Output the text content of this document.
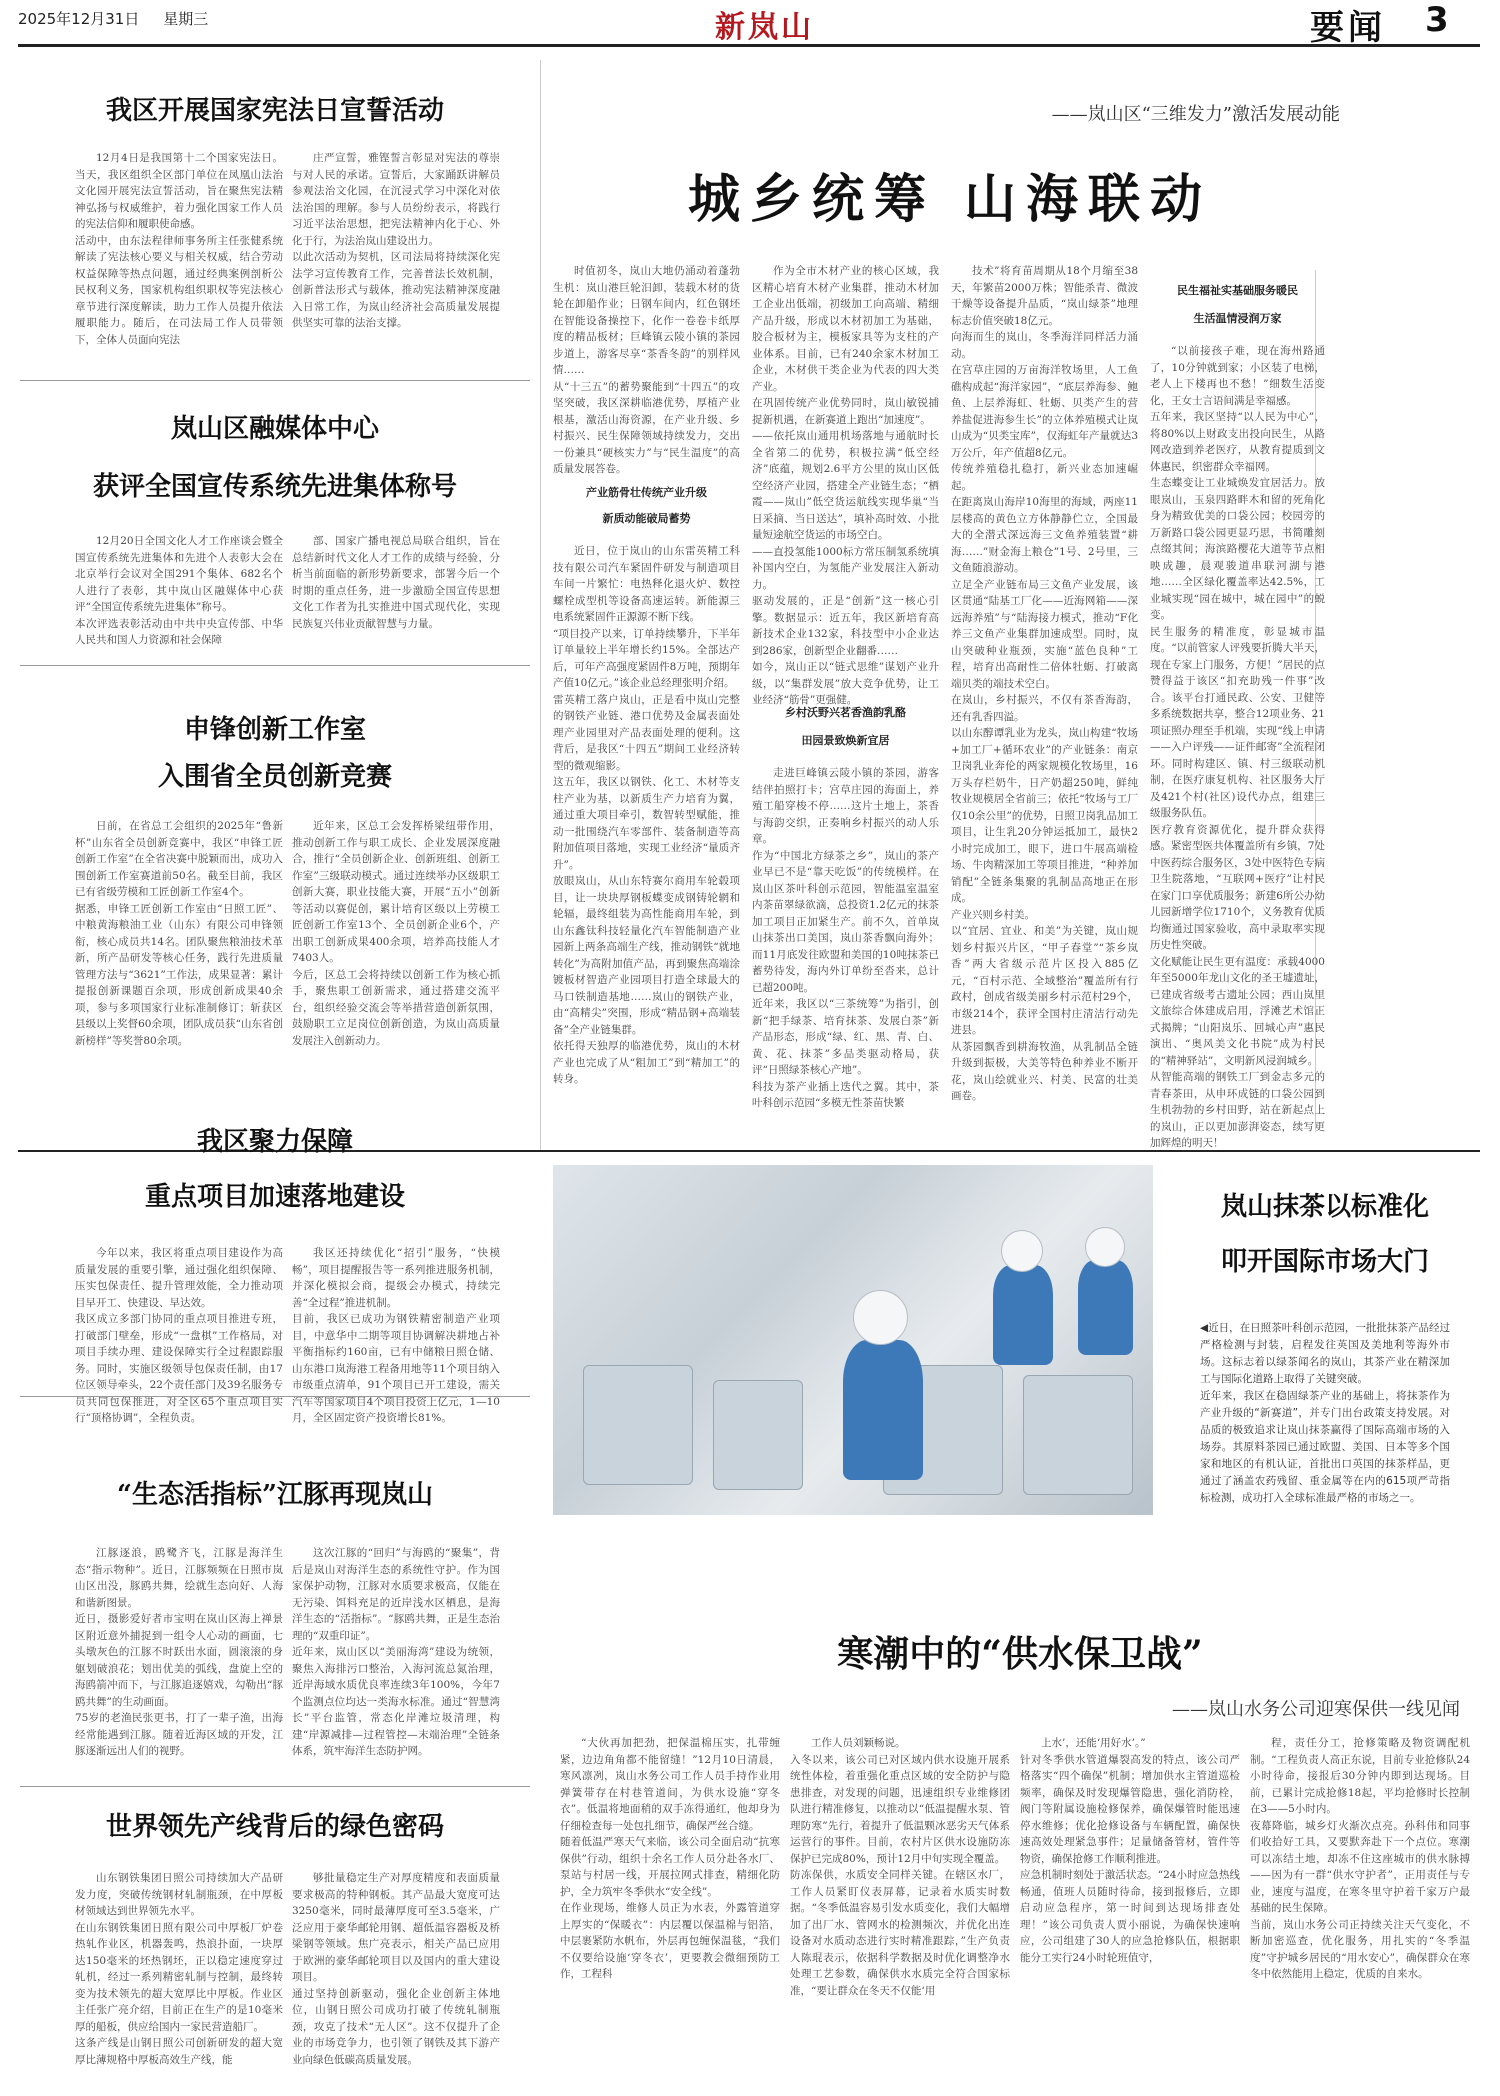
2025年12月31日 星期三	新岚山	要闻 3
我区开展国家宪法日宣誓活动
12月4日是我国第十二个国家宪法日。当天，我区组织全区部门单位在凤凰山法治文化园开展宪法宣誓活动，旨在聚焦宪法精神弘扬与权威维护，着力强化国家工作人员的宪法信仰和履职使命感。
活动中，由东法程律师事务所主任张健系统解读了宪法核心要义与相关权威，结合劳动权益保障等热点问题，通过经典案例剖析公民权利义务，国家机构组织职权等宪法核心章节进行深度解读，助力工作人员提升依法履职能力。随后，在司法局工作人员带领下，全体人员面向宪法
庄严宣誓，雅铿誓言彰显对宪法的尊崇与对人民的承诺。宣誓后，大家踊跃讲解员参观法治文化园，在沉浸式学习中深化对依法治国的理解。参与人员纷纷表示，将践行习近平法治思想，把宪法精神内化于心、外化于行，为法治岚山建设出力。
以此次活动为契机，区司法局将持续深化宪法学习宣传教育工作，完善普法长效机制，创新普法形式与载体，推动宪法精神深度融入日常工作，为岚山经济社会高质量发展提供坚实可靠的法治支撑。
岚山区融媒体中心
获评全国宣传系统先进集体称号
12月20日全国文化人才工作座谈会暨全国宣传系统先进集体和先进个人表彰大会在北京举行会议对全国291个集体、682名个人进行了表彰，其中岚山区融媒体中心获评“全国宣传系统先进集体”称号。
本次评选表彰活动由中共中央宣传部、中华人民共和国人力资源和社会保障
部、国家广播电视总局联合组织，旨在总结新时代文化人才工作的成绩与经验，分析当前面临的新形势新要求，部署今后一个时期的重点任务，进一步激励全国宣传思想文化工作者为扎实推进中国式现代化，实现民族复兴伟业贡献智慧与力量。
申锋创新工作室
入围省全员创新竞赛
日前，在省总工会组织的2025年“鲁新杯”山东省全员创新竞赛中，我区“申锋工匠创新工作室”在全省决赛中脱颖而出，成功入围创新工作室赛道前50名。截至目前，我区已有省级劳模和工匠创新工作室4个。
据悉，申锋工匠创新工作室由“日照工匠”、中粮黄海粮油工业（山东）有限公司申锋领衔，核心成员共14名。团队聚焦粮油技术革新，所产品研发等核心任务，践行先进质量管理方法与“3621”工作法，成果显著：累计提报创新课题百余项，形成创新成果40余项，参与多项国家行业标准制修订；斩获区县级以上奖督60余项，团队成员获“山东省创新榜样”等奖誉80余项。
近年来，区总工会发挥桥梁纽带作用，推动创新工作与职工成长、企业发展深度融合，推行“全员创新企业、创新班组、创新工作室”三级联动模式。通过连续举办区级职工创新大赛，职业技能大赛，开展“五小”创新等活动以赛促创，累计培育区级以上劳模工匠创新工作室13个、全员创新企业6个，产出职工创新成果400余项，培养高技能人才7403人。
今后，区总工会将持续以创新工作为核心抓手，聚焦职工创新需求，通过搭建交流平台，组织经验交流会等举措营造创新氛围，鼓励职工立足岗位创新创造，为岚山高质量发展注入创新动力。
——岚山区“三维发力”激活发展动能
城乡统筹 山海联动
时值初冬，岚山大地仍涌动着蓬勃生机：岚山港巨轮汨卸，装载木材的货轮在卸船作业；日钢车间内，红色钢坯在智能设备操控下，化作一卷卷卡纸厚度的精品板材；巨峰镇云陵小镇的茶园步道上，游客尽享“茶香冬韵”的别样风情……
从“十三五”的蓄势聚能到“十四五”的攻坚突破，我区深耕临港优势，厚植产业根基，激活山海资源，在产业升级、乡村振兴、民生保障领域持续发力，交出一份兼具“硬核实力”与“民生温度”的高质量发展答卷。
产业筋骨壮传统产业升级
新质动能破局蓄势
近日，位于岚山的山东雷英精工科技有限公司汽车紧固件研发与制造项目车间一片繁忙：电热释化退火炉、数控螺栓成型机等设备高速运转。新能源三电系统紧固件正源源不断下线。
“项目投产以来，订单持续攀升，下半年订单量较上半年增长约15%。全部达产后，可年产高强度紧固件8万吨，预期年产值10亿元。”该企业总经理张明介绍。
雷英精工落户岚山，正是看中岚山完整的钢铁产业链、港口优势及金属表面处理产业园里对产品表面处理的便利。这背后，是我区“十四五”期间工业经济转型的微观缩影。
这五年，我区以钢铁、化工、木材等支柱产业为基，以新质生产力培育为翼，通过重大项目牵引，数智转型赋能，推动一批围绕汽车零部件、装备制造等高附加值项目落地，实现工业经济“量质齐升”。
放眼岚山，从山东特赛尔商用车轮毂项目，让一块块厚钢板蝶变成钢铸轮辋和轮辐，最终组装为高性能商用车轮，到山东鑫钛科技轻量化汽车智能制造产业园新上两条高端生产线，推动钢铁“就地转化”为高附加值产品，再到聚焦高端涂镀板材智造产业园项目打造全球最大的马口铁制造基地……岚山的钢铁产业，由“高精尖”突围，形成“精品钢+高端装备”全产业链集群。
依托得天独厚的临港优势，岚山的木材产业也完成了从“粗加工”到“精加工”的转身。
作为全市木材产业的核心区域，我区精心培育木材产业集群，推动木材加工企业出低端，初级加工向高端、精细产品升级，形成以木材初加工为基础，胶合板材为主，模板家具等为支柱的产业体系。目前，已有240余家木材加工企业，木材供干类企业为代表的四大类产业。
在巩固传统产业优势同时，岚山敏锐捕捉新机遇，在新赛道上跑出“加速度”。
——依托岚山通用机场落地与通航时长全省第二的优势，积极拉满“低空经济”底蕴，规划2.6平方公里的岚山区低空经济产业园，搭建全产业链生态；“栖霞——岚山”低空货运航线实现华巢“当日采摘、当日送达”，填补高时效、小批量短途航空货运的市场空白。
——直投氢能1000标方常压制氢系统填补国内空白，为氢能产业发展注入新动力。
驱动发展的，正是“创新”这一核心引擎。数据显示：近五年，我区新培育高新技术企业132家，科技型中小企业达到286家，创新型企业翻番……
如今，岚山正以“链式思维”谋划产业升级，以“集群发展”放大竞争优势，让工业经济“筋骨”更强健。
乡村沃野兴茗香渔韵乳酪
田园景致焕新宜居
走进巨峰镇云陵小镇的茶园，游客结伴拍照打卡；宫草庄园的海面上，养殖工船穿梭不停……这片土地上，茶香与海韵交织，正奏响乡村振兴的动人乐章。
作为“中国北方绿茶之乡”，岚山的茶产业早已不是“靠天吃饭”的传统模样。在岚山区茶叶科创示范园，智能温室温室内茶苗翠绿欲滴，总投资1.2亿元的抹茶加工项目正加紧生产。前不久，首单岚山抹茶出口美国，岚山茶香飘向海外；而11月底发往欧盟和美国的10吨抹茶已蓄势待发，海内外订单纷至沓来，总计已超200吨。
近年来，我区以“三茶统筹”为指引，创新“把手绿茶、培育抹茶、发展白茶”新产品形态，形成“绿、红、黑、青、白、黄、花、抹茶”多品类驱动格局，获评“日照绿茶核心产地”。
科技为茶产业插上迭代之翼。其中，茶叶科创示范园“多模无性茶苗快繁
技术”将育苗周期从18个月缩至38天，年繁苗2000万株；智能杀青、微波干燥等设备提升品质，“岚山绿茶”地理标志价值突破18亿元。
向海而生的岚山，冬季海洋同样活力涌动。
在宫草庄园的万亩海洋牧场里，人工鱼礁构成起“海洋家园”，“底层养海参、鲍鱼、上层养海虹、牡蛎、贝类产生的营养盐促进海参生长”的立体养殖模式让岚山成为“贝类宝库”，仅海虹年产量就达3万公斤，年产值超8亿元。
传统养殖稳扎稳打，新兴业态加速崛起。
在距离岚山海岸10海里的海域，两座11层楼高的黄色立方体静静伫立，全国最大的全潜式深远海三文鱼养殖装置“耕海……”财金海上粮仓”1号、2号里，三文鱼随浪游动。
立足全产业链布局三文鱼产业发展，该区贯通“陆基工厂化——近海网箱——深远海养殖”与“陆海接力模式，推动“F化养三文鱼产业集群加速成型。同时，岚山突破种业瓶颈，实施“蓝色良种”工程，培育出高耐性二倍体牡蛎、打破离端贝类的端技术空白。
在岚山，乡村振兴，不仅有茶香海韵，还有乳香四溢。
以山东醇谭乳业为龙头，岚山构建“牧场+加工厂+循环农业”的产业链条：南京卫岗乳业奔伦的两家规模化牧场里，16万头存栏奶牛，日产奶超250吨，鲜纯牧业规模居全省前三；依托“牧场与工厂仅10余公里”的优势，日照卫岗乳品加工项目，让生乳20分钟运抵加工，最快2小时完成加工，眼下，进口牛展高端检场、牛肉精深加工等项目推进，“种养加销配”全链条集聚的乳制品高地正在形成。
产业兴则乡村美。
以“宜居、宜业、和美”为关键，岚山规划乡村振兴片区，“甲子春堂”“茶乡岚香”两大省级示范片区投入885亿元，“百村示范、全域整治”覆盖所有行政村，创成省级美丽乡村示范村29个，市级214个，获评全国村庄清洁行动先进县。
从茶园飘香到耕海牧渔，从乳制品全链升级到振极，大美等特色种养业不断开花，岚山绘就业兴、村美、民富的壮美画卷。
民生福祉实基础服务暖民
生活温情浸润万家
“以前接孩子难，现在海州路通了，10分钟就到家；小区装了电梯，老人上下楼再也不愁！”细数生活变化，王女士言语间满是幸福感。
五年来，我区坚持“以人民为中心”，将80%以上财政支出投向民生，从路网改造到养老医疗，从教育提质到文体惠民，织密群众幸福网。
生态蝶变让工业城焕发宜居活力。放眼岚山，玉泉四路畔木和留的死角化身为精致优美的口袋公园；校园旁的万新路口袋公园更显巧思，书简雕刻点缀其间；海滨路樱花大道等节点相映成趣，晨观骏道串联河湖与港地……全区绿化覆盖率达42.5%，工业城实现“园在城中，城在园中”的蜕变。
民生服务的精准度，彰显城市温度。“以前管家人评残要折腾大半天，现在专家上门服务，方便！”居民的点赞得益于该区“扣充助残一件事”改合。该平台打通民政、公安、卫健等多系统数据共享，整合12项业务、21项证照办理至手机端，实现“线上申请——入户评残——证件邮寄”全流程闭环。同时构建区、镇、村三级联动机制，在医疗康复机构、社区服务大厅及421个村(社区)设代办点，组建三级服务队伍。
医疗教育资源优化，提升群众获得感。紧密型医共体覆盖所有乡镇，7处中医药综合服务区，3处中医特色专病卫生院落地，“互联网+医疗”让村民在家门口享优质服务；新建6所公办幼儿园新增学位1710个，义务教育优质均衡通过国家验收，高中录取率实现历史性突破。
文化赋能让民生更有温度：承载4000年至5000年龙山文化的圣王墟遗址，已建成省级考古遗址公园；西山岚里文旅综合体建成启用，浮滩艺术馆正式揭牌；“山阳岚乐、回城心声”惠民演出、“奥风美文化书院”成为村民的“精神驿站”，文明新风浸润城乡。
从智能高端的钢铁工厂到金志多元的青春茶田，从申环成链的口袋公园到生机勃勃的乡村田野，站在新起点上的岚山，正以更加澎湃姿态，续写更加辉煌的明天！
我区聚力保障
重点项目加速落地建设
今年以来，我区将重点项目建设作为高质量发展的重要引擎，通过强化组织保障、压实包保责任、提升管理效能，全力推动项目早开工、快建设、早达效。
我区成立多部门协同的重点项目推进专班，打破部门壁垒，形成“一盘棋”工作格局，对项目手续办理、建设保障实行全过程跟踪服务。同时，实施区级领导包保责任制，由17位区领导牵头，22个责任部门及39名服务专员共同包保推进，对全区65个重点项目实行“顶格协调”，全程负责。
我区还持续优化“招引”服务，“快模畅”，项目提醒报告等一系列推进服务机制，并深化模拟会商，提级会办模式，持续完善“全过程”推进机制。
目前，我区已成功为钢铁精密制造产业项目，中意华中二期等项目协调解决耕地占补平衡指标约160亩，已有中储粮日照仓储、山东港口岚海港工程备用地等11个项目纳入市级重点清单，91个项目已开工建设，需关汽车等国家项目4个项目投资上亿元，1—10月，全区固定资产投资增长81%。
“生态活指标”江豚再现岚山
江豚逐浪，鸥鹭齐飞，江豚是海洋生态“指示物种”。近日，江豚频频在日照市岚山区出没，豚鸥共舞，绘就生态向好、人海和谐新图景。
近日，摄影爱好者市宝明在岚山区海上禅景区附近意外捕捉到一组令人心动的画面，七头墩灰色的江豚不时跃出水面，圆滚滚的身躯划破浪花；划出优美的弧线，盘旋上空的海鸥箭冲而下，与江豚追逐嬉戏，勾勒出“豚鸥共舞”的生动画面。
75岁的老渔民张更书，打了一辈子渔，出海经常能遇到江豚。随着近海区域的开发，江豚逐渐远出人们的视野。
这次江豚的“回归”与海鸥的“聚集”，背后是岚山对海洋生态的系统性守护。作为国家保护动物，江豚对水质要求极高，仅能在无污染、饵料充足的近岸浅水区栖息，是海洋生态的“活指标”。“豚鸥共舞，正是生态治理的“双重印证”。
近年来，岚山区以“美丽海湾”建设为统领，聚焦入海排污口整治，入海河流总氮治理，近岸海域水质优良率连续3年100%，今年7个监测点位均达一类海水标准。通过“智慧湾长”平台监管，常态化岸滩垃圾清理，构建“岸源减排—过程管控—末端治理”全链条体系，筑牢海洋生态防护网。
世界领先产线背后的绿色密码
山东钢铁集团日照公司持续加大产品研发力度，突破传统钢材轧制瓶颈，在中厚板材领域达到世界领先水平。
在山东钢铁集团日照有限公司中厚板厂炉卷热轧作业区，机器轰鸣，热浪扑面，一块厚达150毫米的坯热钢坯，正以稳定速度穿过轧机，经过一系列精密轧制与控制，最终转变为技术领先的超大宽厚比中厚板。作业区主任张广亮介绍，目前正在生产的是10毫米厚的船板，供应给国内一家民营造船厂。
这条产线是山钢日照公司创新研发的超大宽厚比薄规格中厚板高效生产线，能
够批量稳定生产对厚度精度和表面质量要求极高的特种钢板。其产品最大宽度可达3250毫米，同时最薄厚度可至3.5毫米，广泛应用于豪华邮轮用钢、超低温容器板及桥梁钢等领域。焦广亮表示，相关产品已应用于欧洲的豪华邮轮项目以及国内的重大建设项目。
通过坚持创新驱动，强化企业创新主体地位，山钢日照公司成功打破了传统轧制瓶颈，攻克了技术“无人区”。这不仅提升了企业的市场竞争力，也引领了钢铁及其下游产业向绿色低碳高质量发展。
岚山抹茶以标准化
叩开国际市场大门
◀近日，在日照茶叶科创示范园，一批批抹茶产品经过严格检测与封装，启程发往英国及美地利等海外市场。这标志着以绿茶闻名的岚山，其茶产业在精深加工与国际化道路上取得了关键突破。
近年来，我区在稳固绿茶产业的基础上，将抹茶作为产业升级的“新赛道”，并专门出台政策支持发展。对品质的极致追求让岚山抹茶赢得了国际高端市场的入场券。其原料茶园已通过欧盟、美国、日本等多个国家和地区的有机认证，首批出口英国的抹茶样品，更通过了涵盖农药残留、重金属等在内的615项严苛指标检测，成功打入全球标准最严格的市场之一。
寒潮中的“供水保卫战”
——岚山水务公司迎寒保供一线见闻
“大伙再加把劲，把保温棉压实，扎带缠紧，边边角角都不能留缝！”12月10日清晨，寒风凛冽，岚山水务公司工作人员手持作业用弹簧带存在村巷管道间，为供水设施“穿冬衣”。低温将地面稍的双手冻得通红，他却身为仔细检查每一处包扎细节，确保严丝合缝。
随着低温严寒天气来临，该公司全面启动“抗寒保供”行动，组织十余名工作人员分赴各水厂、泵站与村居一线，开展拉网式排查，精细化防护，全力筑牢冬季供水“安全线”。
在作业现场，维修人员正为水表，外露管道穿上厚实的“保暖衣”：内层覆以保温棉与铝箔，中层裹紧防水帆布，外层再包缠保温毯，“我们不仅要给设施‘穿冬衣’，更要教会微细预防工作，工程科
工作人员刘颖畅说。
入冬以来，该公司已对区域内供水设施开展系统性体检，着重强化重点区域的安全防护与隐患排查，对发现的问题，迅速组织专业维修团队进行精准修复，以推动以“低温提醒水泵、管理防寒”先行，着提升了低温颗冰恶劣天气体系运营行的事件。目前，农村片区供水设施防冻保护已完成80%，预计12月中旬实现全覆盖。
防冻保供，水质安全同样关键。在辖区水厂，工作人员紧盯仪表屏幕，记录着水质实时数据。“冬季低温容易引发水质变化，我们大幅增加了出厂水、管网水的检测频次，并优化出连设备对水质动态进行实时精准跟踪，”生产负责人陈琨表示，依据科学数据及时优化调整净水处理工艺参数，确保供水水质完全符合国家标准，“要让群众在冬天不仅能‘用
上水’，还能‘用好水’。”
针对冬季供水管道爆裂高发的特点，该公司严格落实“四个确保”机制；增加供水主管道巡检频率，确保及时发现爆管隐患，强化消防栓，阀门等附属设施检修保养，确保爆管时能迅速停水维修；优化抢修设备与车辆配置，确保快速高效处理紧急事件；足量储备管材，管件等物资，确保抢修工作顺利推进。
应急机制时刻处于激活状态。“24小时应急热线畅通，值班人员随时待命，接到报修后，立即启动应急程序，第一时间到达现场排查处理！”该公司负责人贾小丽说，为确保快速响应，公司组建了30人的应急抢修队伍，根据职能分工实行24小时轮班值守，
程，责任分工，抢修策略及物资调配机制。“工程负责人高正东说，目前专业抢修队24小时待命，接报后30分钟内即到达现场。目前，已累计完成抢修18起，平均抢修时长控制在3——5小时内。
夜幕降临，城乡灯火渐次点亮。孙科伟和同事们收拾好工具，又要默奔赴下一个点位。寒潮可以冻结土地，却冻不住这座城市的供水脉搏——因为有一群“供水守护者”，正用责任与专业，速度与温度，在寒冬里守护着千家万户最基础的民生保障。
当前，岚山水务公司正持续关注天气变化，不断加密巡查，优化服务，用扎实的“冬季温度”守护城乡居民的“用水安心”，确保群众在寒冬中依然能用上稳定，优质的自来水。
